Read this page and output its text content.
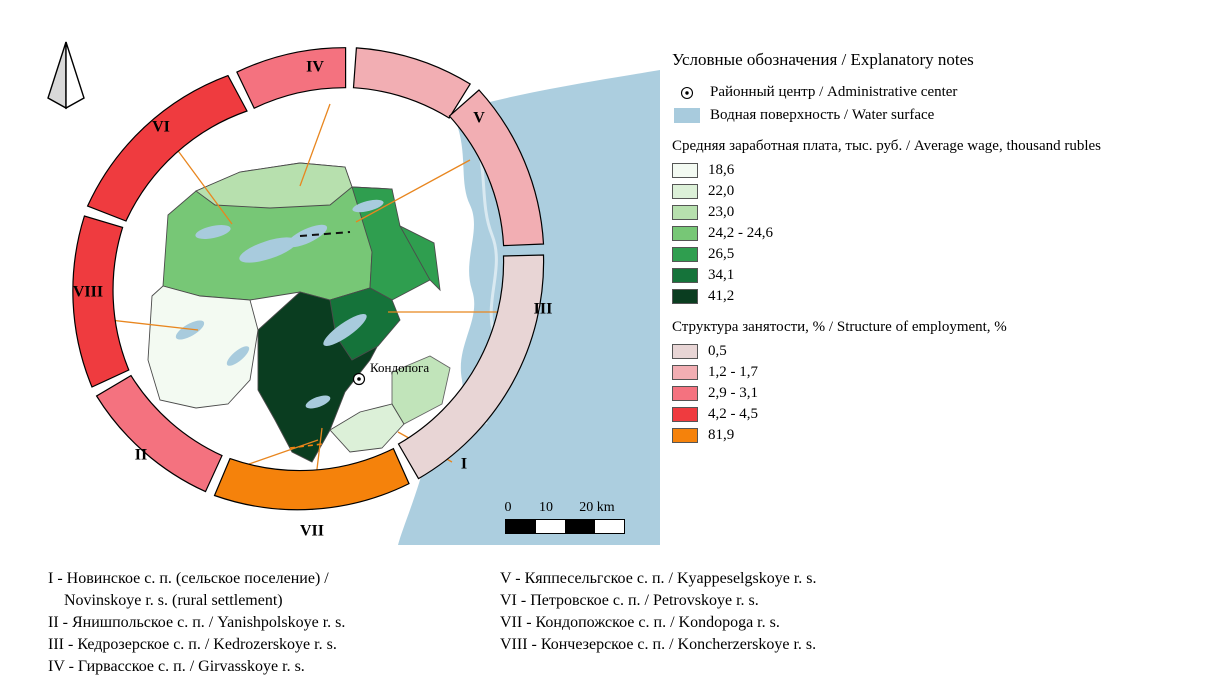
Кондопога
IV
V
III
I
VII
II
VIII
VI
0 10 20 km
Условные обозначения / Explanatory notes
Районный центр / Administrative center
Водная поверхность / Water surface
Средняя заработная плата, тыс. руб. / Average wage, thousand rubles
18,6
22,0
23,0
24,2 - 24,6
26,5
34,1
41,2
Структура занятости, % / Structure of employment, %
0,5
1,2 - 1,7
2,9 - 3,1
4,2 - 4,5
81,9
I - Новинское с. п. (сельское поселение) /
Novinskoye r. s. (rural settlement)
II - Янишпольское с. п. / Yanishpolskoye r. s.
III - Кедрозерское с. п. / Kedrozerskoye r. s.
IV - Гирвасское с. п. / Girvasskoye r. s.
V - Кяппесельгское с. п. / Kyappeselgskoye r. s.
VI - Петровское с. п. / Petrovskoye r. s.
VII - Кондопожское с. п. / Kondopoga r. s.
VIII - Кончезерское с. п. / Koncherzerskoye r. s.
